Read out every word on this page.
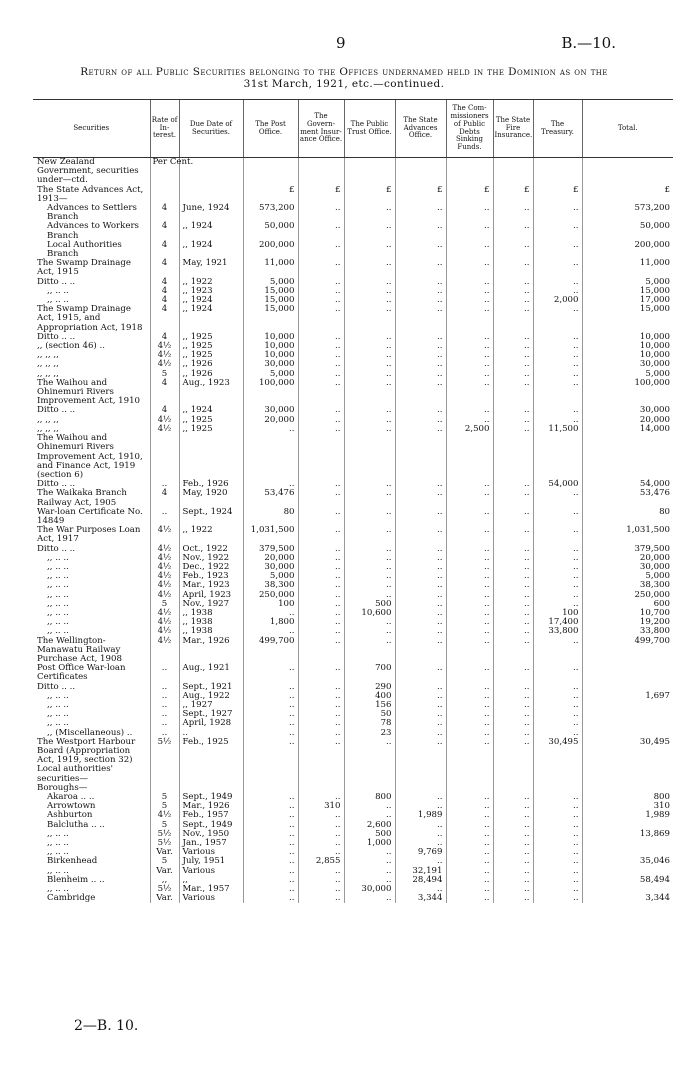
9	B.—10.
Return of all Public Securities belonging to the Offices undernamed held in the Dominion as on the
31st March, 1921, etc.—continued.
Securities	Rate of In-terest.	Due Date of Securities.	The Post Office.	The Govern-ment Insur-ance Office.	The Public Trust Office.	The State Advances Office.	The Com-missioners of Public Debts Sinking Funds.	The State Fire Insurance.	The Treasury.	Total.

New Zealand Government, securities under—ctd.	Per Cent.									
The State Advances Act, 1913—			£	£	£	£	£	£	£	£
Advances to Settlers Branch	4	June, 1924	573,200	..	..	..	..	..	..	573,200
Advances to Workers Branch	4	,, 1924	50,000	..	..	..	..	..	..	50,000
Local Authorities Branch	4	,, 1924	200,000	..	..	..	..	..	..	200,000
The Swamp Drainage Act, 1915	4	May, 1921	11,000	..	..	..	..	..	..	11,000
Ditto .. ..	4	,, 1922	5,000	..	..	..	..	..	..	5,000
,, .. ..	4	,, 1923	15,000	..	..	..	..	..	..	15,000
,, .. ..	4	,, 1924	15,000	..	..	..	..	..	2,000	17,000
The Swamp Drainage Act, 1915, and Appropriation Act, 1918	4	,, 1924	15,000	..	..	..	..	..	..	15,000
Ditto .. ..	4	,, 1925	10,000	..	..	..	..	..	..	10,000
,, (section 46) ..	4½	,, 1925	10,000	..	..	..	..	..	..	10,000
,, ,, ,,	4½	,, 1925	10,000	..	..	..	..	..	..	10,000
,, ,, ,,	4½	,, 1926	30,000	..	..	..	..	..	..	30,000
,, ,, ,,	5	,, 1926	5,000	..	..	..	..	..	..	5,000
The Waihou and Ohinemuri Rivers Improvement Act, 1910	4	Aug., 1923	100,000	..	..	..	..	..	..	100,000
Ditto .. ..	4	,, 1924	30,000	..	..	..	..	..	..	30,000
,, ,, ,,	4½	,, 1925	20,000	..	..	..	..	..	..	20,000
,, ,, ,,	4½	,, 1925	..	..	..	..	2,500	..	11,500	14,000
The Waihou and Ohinemuri Rivers Improvement Act, 1910, and Finance Act, 1919 (section 6)										
Ditto .. ..	..	Feb., 1926	..	..	..	..	..	..	54,000	54,000
The Waikaka Branch Railway Act, 1905	4	May, 1920	53,476	..	..	..	..	..	..	53,476
War-loan Certificate No. 14849	..	Sept., 1924	80	..	..	..	..	..	..	80
The War Purposes Loan Act, 1917	4½	,, 1922	1,031,500	..	..	..	..	..	..	1,031,500
Ditto .. ..	4½	Oct., 1922	379,500	..	..	..	..	..	..	379,500
,, .. ..	4½	Nov., 1922	20,000	..	..	..	..	..	..	20,000
,, .. ..	4½	Dec., 1922	30,000	..	..	..	..	..	..	30,000
,, .. ..	4½	Feb., 1923	5,000	..	..	..	..	..	..	5,000
,, .. ..	4½	Mar., 1923	38,300	..	..	..	..	..	..	38,300
,, .. ..	4½	April, 1923	250,000	..	..	..	..	..	..	250,000
,, .. ..	5	Nov., 1927	100	..	500	..	..	..	..	600
,, .. ..	4½	,, 1938	..	..	10,600	..	..	..	100	10,700
,, .. ..	4½	,, 1938	1,800	..	..	..	..	..	17,400	19,200
,, .. ..	4½	,, 1938	..	..	..	..	..	..	33,800	33,800
The Wellington-Manawatu Railway Purchase Act, 1908	4½	Mar., 1926	499,700	..	..	..	..	..	..	499,700
Post Office War-loan Certificates	..	Aug., 1921	..	..	700	..	..	..	..	
Ditto .. ..	..	Sept., 1921	..	..	290	..	..	..	..	
,, .. ..	..	Aug., 1922	..	..	400	..	..	..	..	1,697
,, .. ..	..	,, 1927	..	..	156	..	..	..	..	
,, .. ..	..	Sept., 1927	..	..	50	..	..	..	..	
,, .. ..	..	April, 1928	..	..	78	..	..	..	..	
,, (Miscellaneous) ..	..	..	..	..	23	..	..	..	..	
The Westport Harbour Board (Appropriation Act, 1919, section 32)	5½	Feb., 1925	..	..	..	..	..	..	30,495	30,495

Local authorities' securities—										
Boroughs—										
Akaroa .. ..	5	Sept., 1949	..	..	800	..	..	..	..	800
Arrowtown	5	Mar., 1926	..	310	..	..	..	..	..	310
Ashburton	4½	Feb., 1957	..	..	..	1,989	..	..	..	1,989
Balclutha .. ..	5	Sept., 1949	..	..	2,600	..	..	..	..	
,, .. ..	5½	Nov., 1950	..	..	500	..	..	..	..	13,869
,, .. ..	5½	Jan., 1957	..	..	1,000	..	..	..	..	
,, .. ..	Var.	Various	..	..	..	9,769	..	..	..	
Birkenhead	5	July, 1951	..	2,855	..	..	..	..	..	35,046
,, .. ..	Var.	Various	..	..	..	32,191	..	..	..	
Blenheim .. ..	,,	,,	..	..	..	28,494	..	..	..	58,494
,, .. ..	5½	Mar., 1957	..	..	30,000	..	..	..	..	
Cambridge	Var.	Various	..	..	..	3,344	..	..	..	3,344
2—B. 10.
